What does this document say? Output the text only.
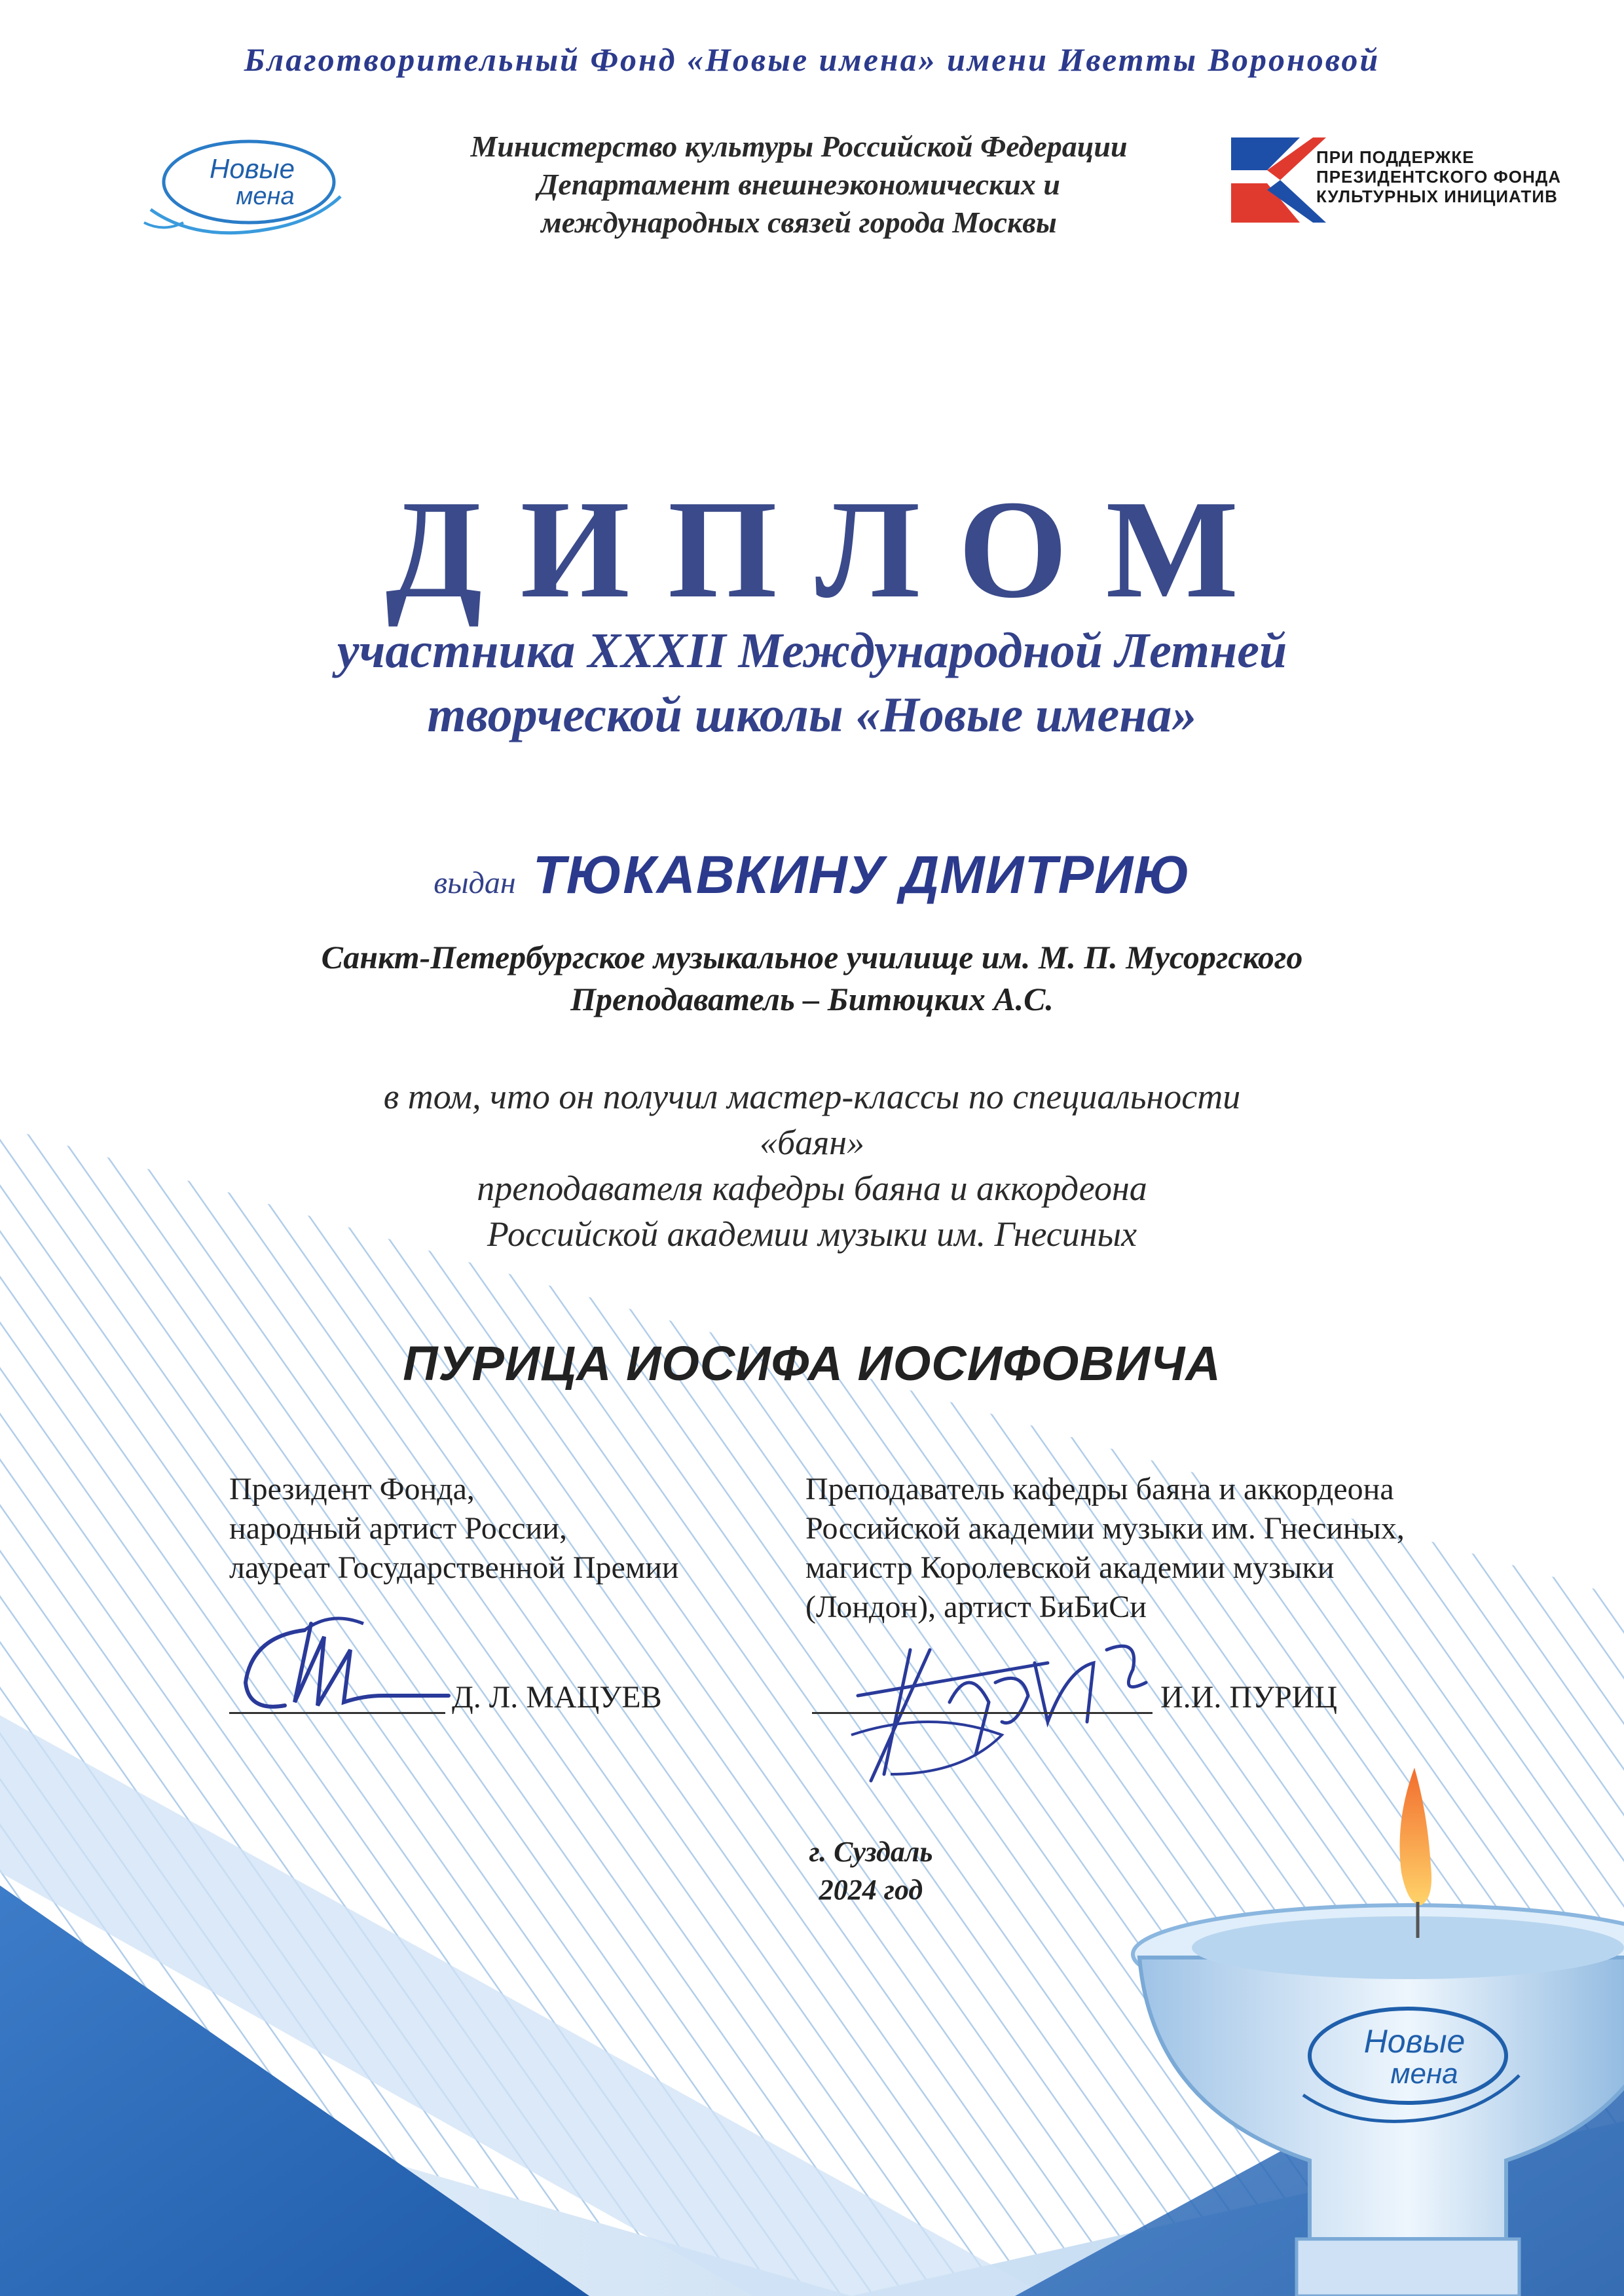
Благотворительный Фонд «Новые имена» имени Иветты Вороновой
Новые
мена
Министерство культуры Российской Федерации
Департамент внешнеэкономических и
международных связей города Москвы
ПРИ ПОДДЕРЖКЕ
ПРЕЗИДЕНТСКОГО ФОНДА
КУЛЬТУРНЫХ ИНИЦИАТИВ
ДИПЛОМ
участника XXXII Международной Летней
творческой школы «Новые имена»
выдан ТЮКАВКИНУ ДМИТРИЮ
Санкт-Петербургское музыкальное училище им. М. П. Мусоргского
Преподаватель – Битюцких А.С.
в том, что он получил мастер-классы по специальности
«баян»
преподавателя кафедры баяна и аккордеона
Российской академии музыки им. Гнесиных
ПУРИЦА ИОСИФА ИОСИФОВИЧА
Президент Фонда,
народный артист России,
лауреат Государственной Премии
Преподаватель кафедры баяна и аккордеона
Российской академии музыки им. Гнесиных,
магистр Королевской академии музыки
(Лондон), артист БиБиСи
Д. Л. МАЦУЕВ	И.И. ПУРИЦ
г. Суздаль
2024 год
Новые
мена
